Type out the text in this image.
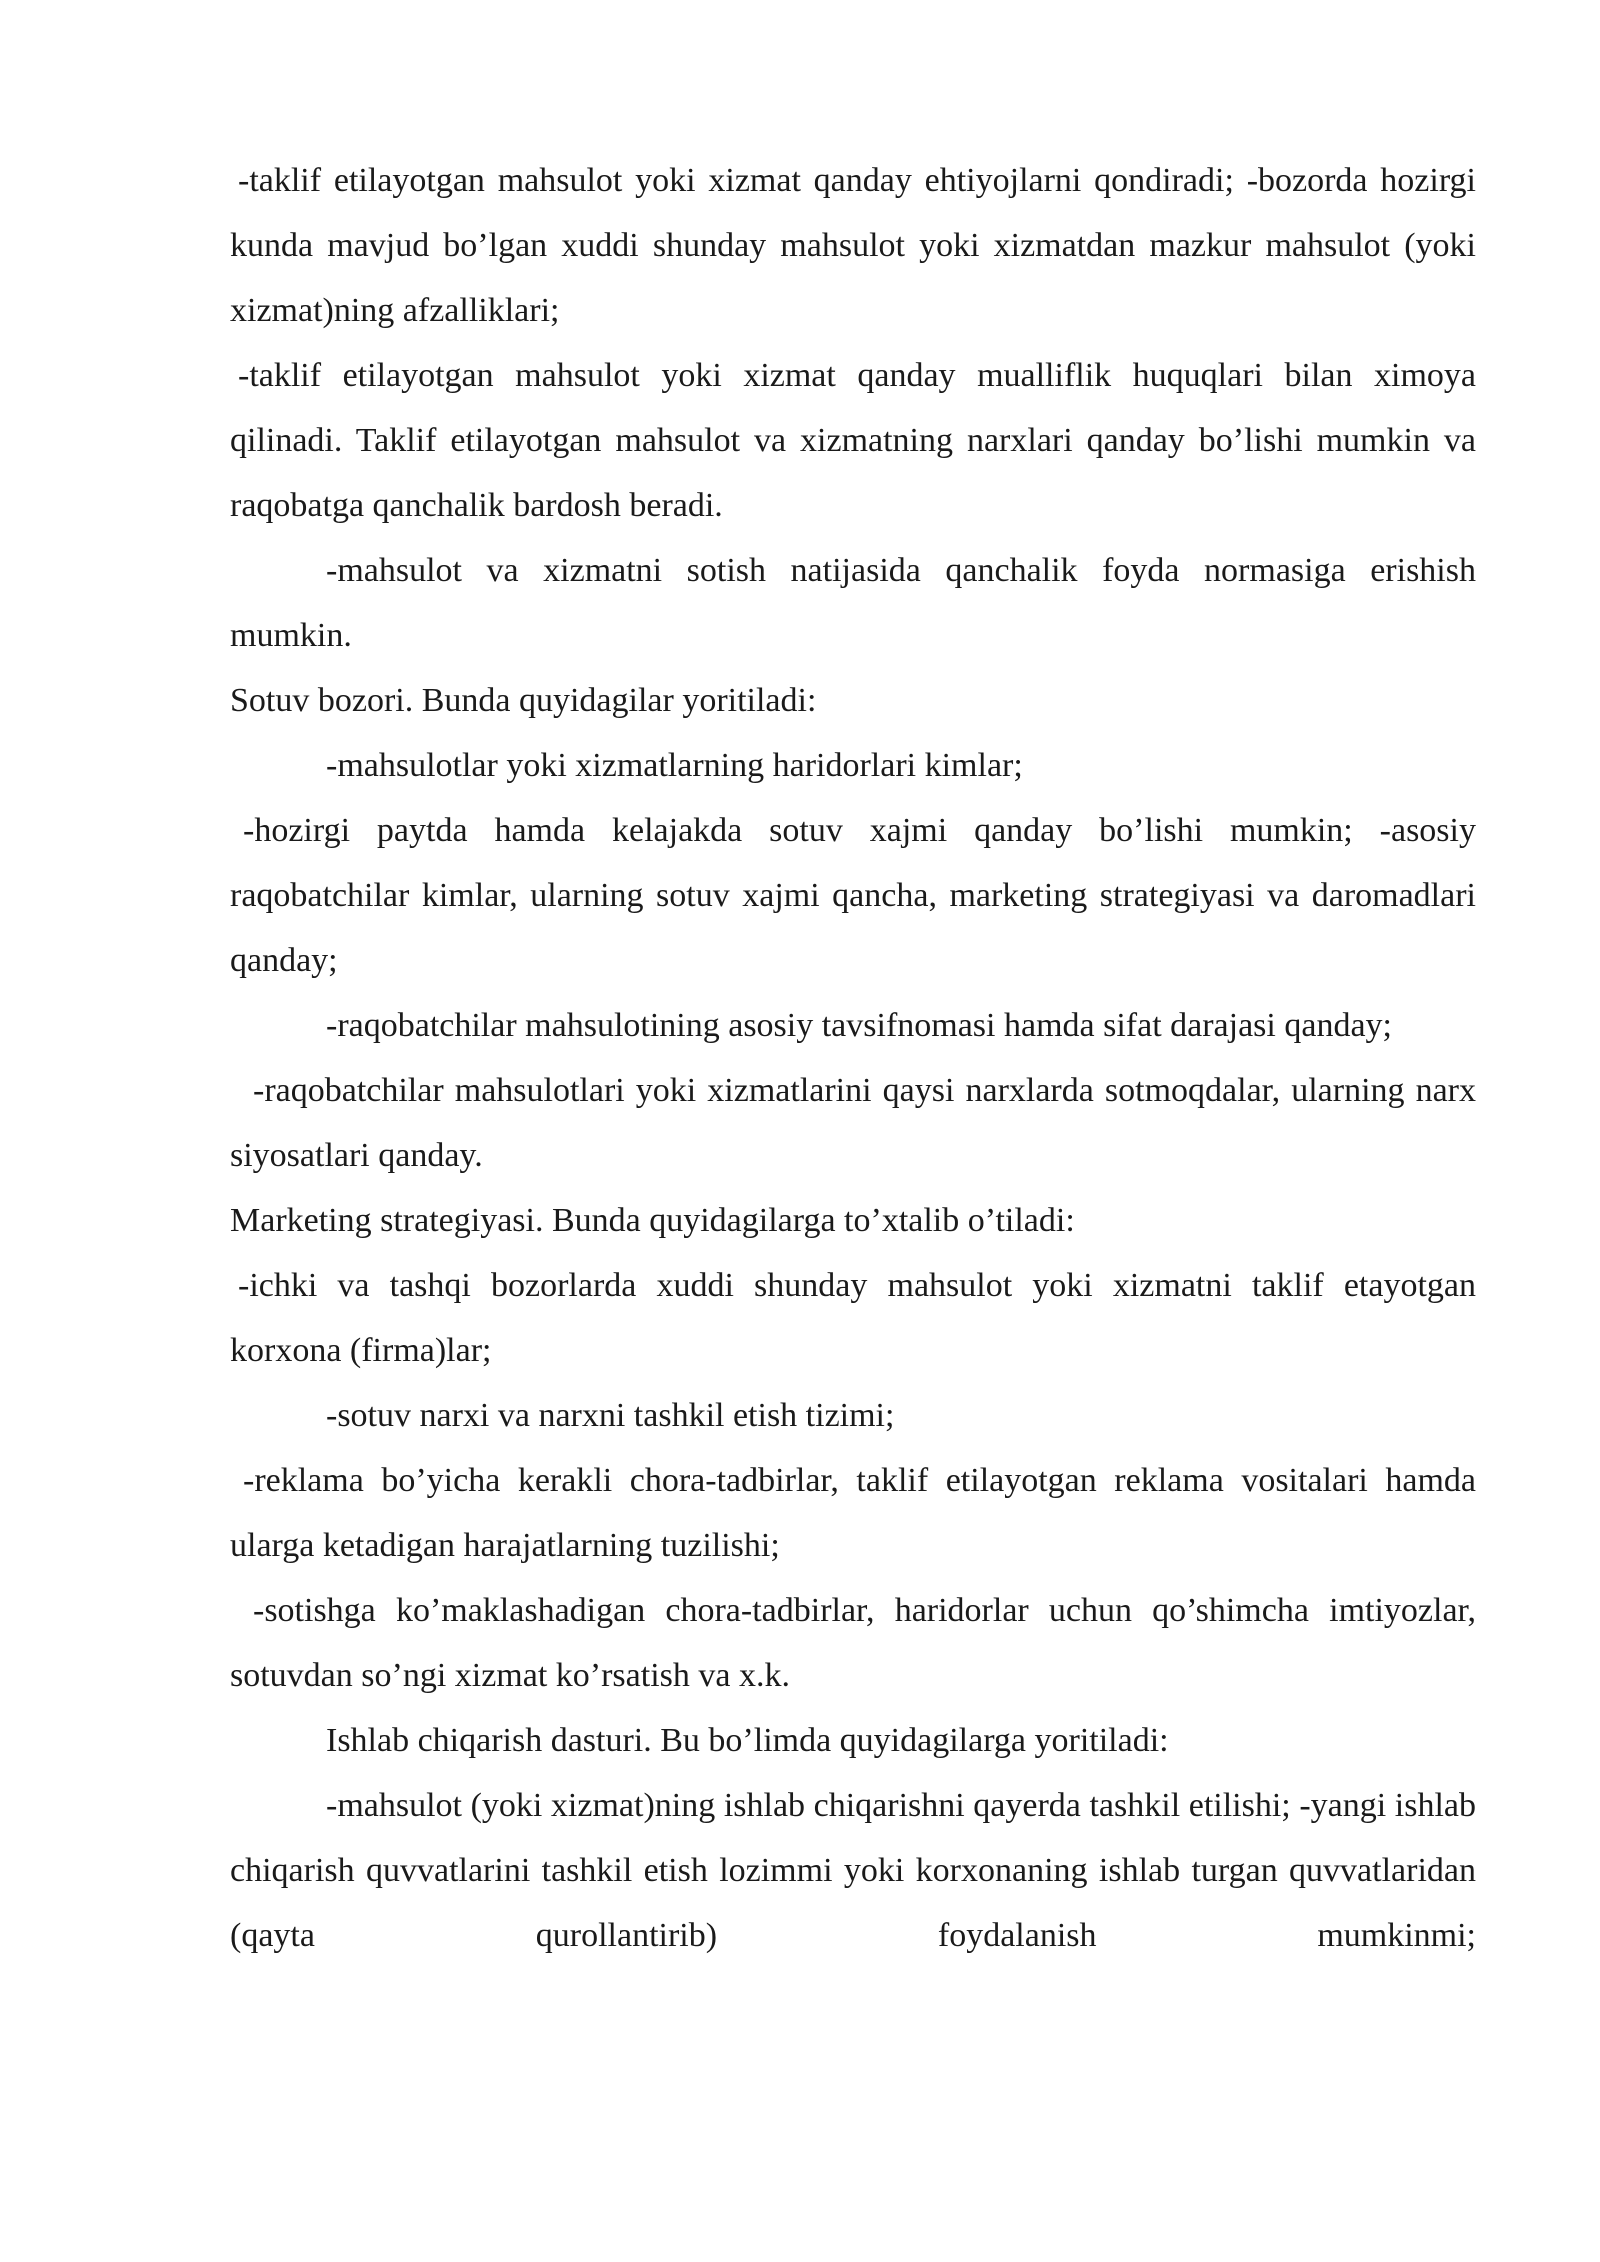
-taklif etilayotgan mahsulot yoki xizmat qanday ehtiyojlarni qondiradi; -bozorda hozirgi kunda mavjud bo’lgan xuddi shunday mahsulot yoki xizmatdan mazkur mahsulot (yoki xizmat)ning afzalliklari;

-taklif etilayotgan mahsulot yoki xizmat qanday mualliflik huquqlari bilan ximoya qilinadi. Taklif etilayotgan mahsulot va xizmatning narxlari qanday bo’lishi mumkin va raqobatga qanchalik bardosh beradi.

-mahsulot va xizmatni sotish natijasida qanchalik foyda normasiga erishish mumkin.

Sotuv bozori. Bunda quyidagilar yoritiladi:

-mahsulotlar yoki xizmatlarning haridorlari kimlar;

-hozirgi paytda hamda kelajakda sotuv xajmi qanday bo’lishi mumkin; -asosiy raqobatchilar kimlar, ularning sotuv xajmi qancha, marketing strategiyasi va daromadlari qanday;

-raqobatchilar mahsulotining asosiy tavsifnomasi hamda sifat darajasi qanday;

-raqobatchilar mahsulotlari yoki xizmatlarini qaysi narxlarda sotmoqdalar, ularning narx siyosatlari qanday.

Marketing strategiyasi. Bunda quyidagilarga to’xtalib o’tiladi:

-ichki va tashqi bozorlarda xuddi shunday mahsulot yoki xizmatni taklif etayotgan korxona (firma)lar;

-sotuv narxi va narxni tashkil etish tizimi;

-reklama bo’yicha kerakli chora-tadbirlar, taklif etilayotgan reklama vositalari hamda ularga ketadigan harajatlarning tuzilishi;

-sotishga ko’maklashadigan chora-tadbirlar, haridorlar uchun qo’shimcha imtiyozlar, sotuvdan so’ngi xizmat ko’rsatish va x.k.

Ishlab chiqarish dasturi. Bu bo’limda quyidagilarga yoritiladi:

-mahsulot (yoki xizmat)ning ishlab chiqarishni qayerda tashkil etilishi; -yangi ishlab chiqarish quvvatlarini tashkil etish lozimmi yoki korxonaning ishlab turgan quvvatlaridan (qayta qurollantirib) foydalanish mumkinmi;
